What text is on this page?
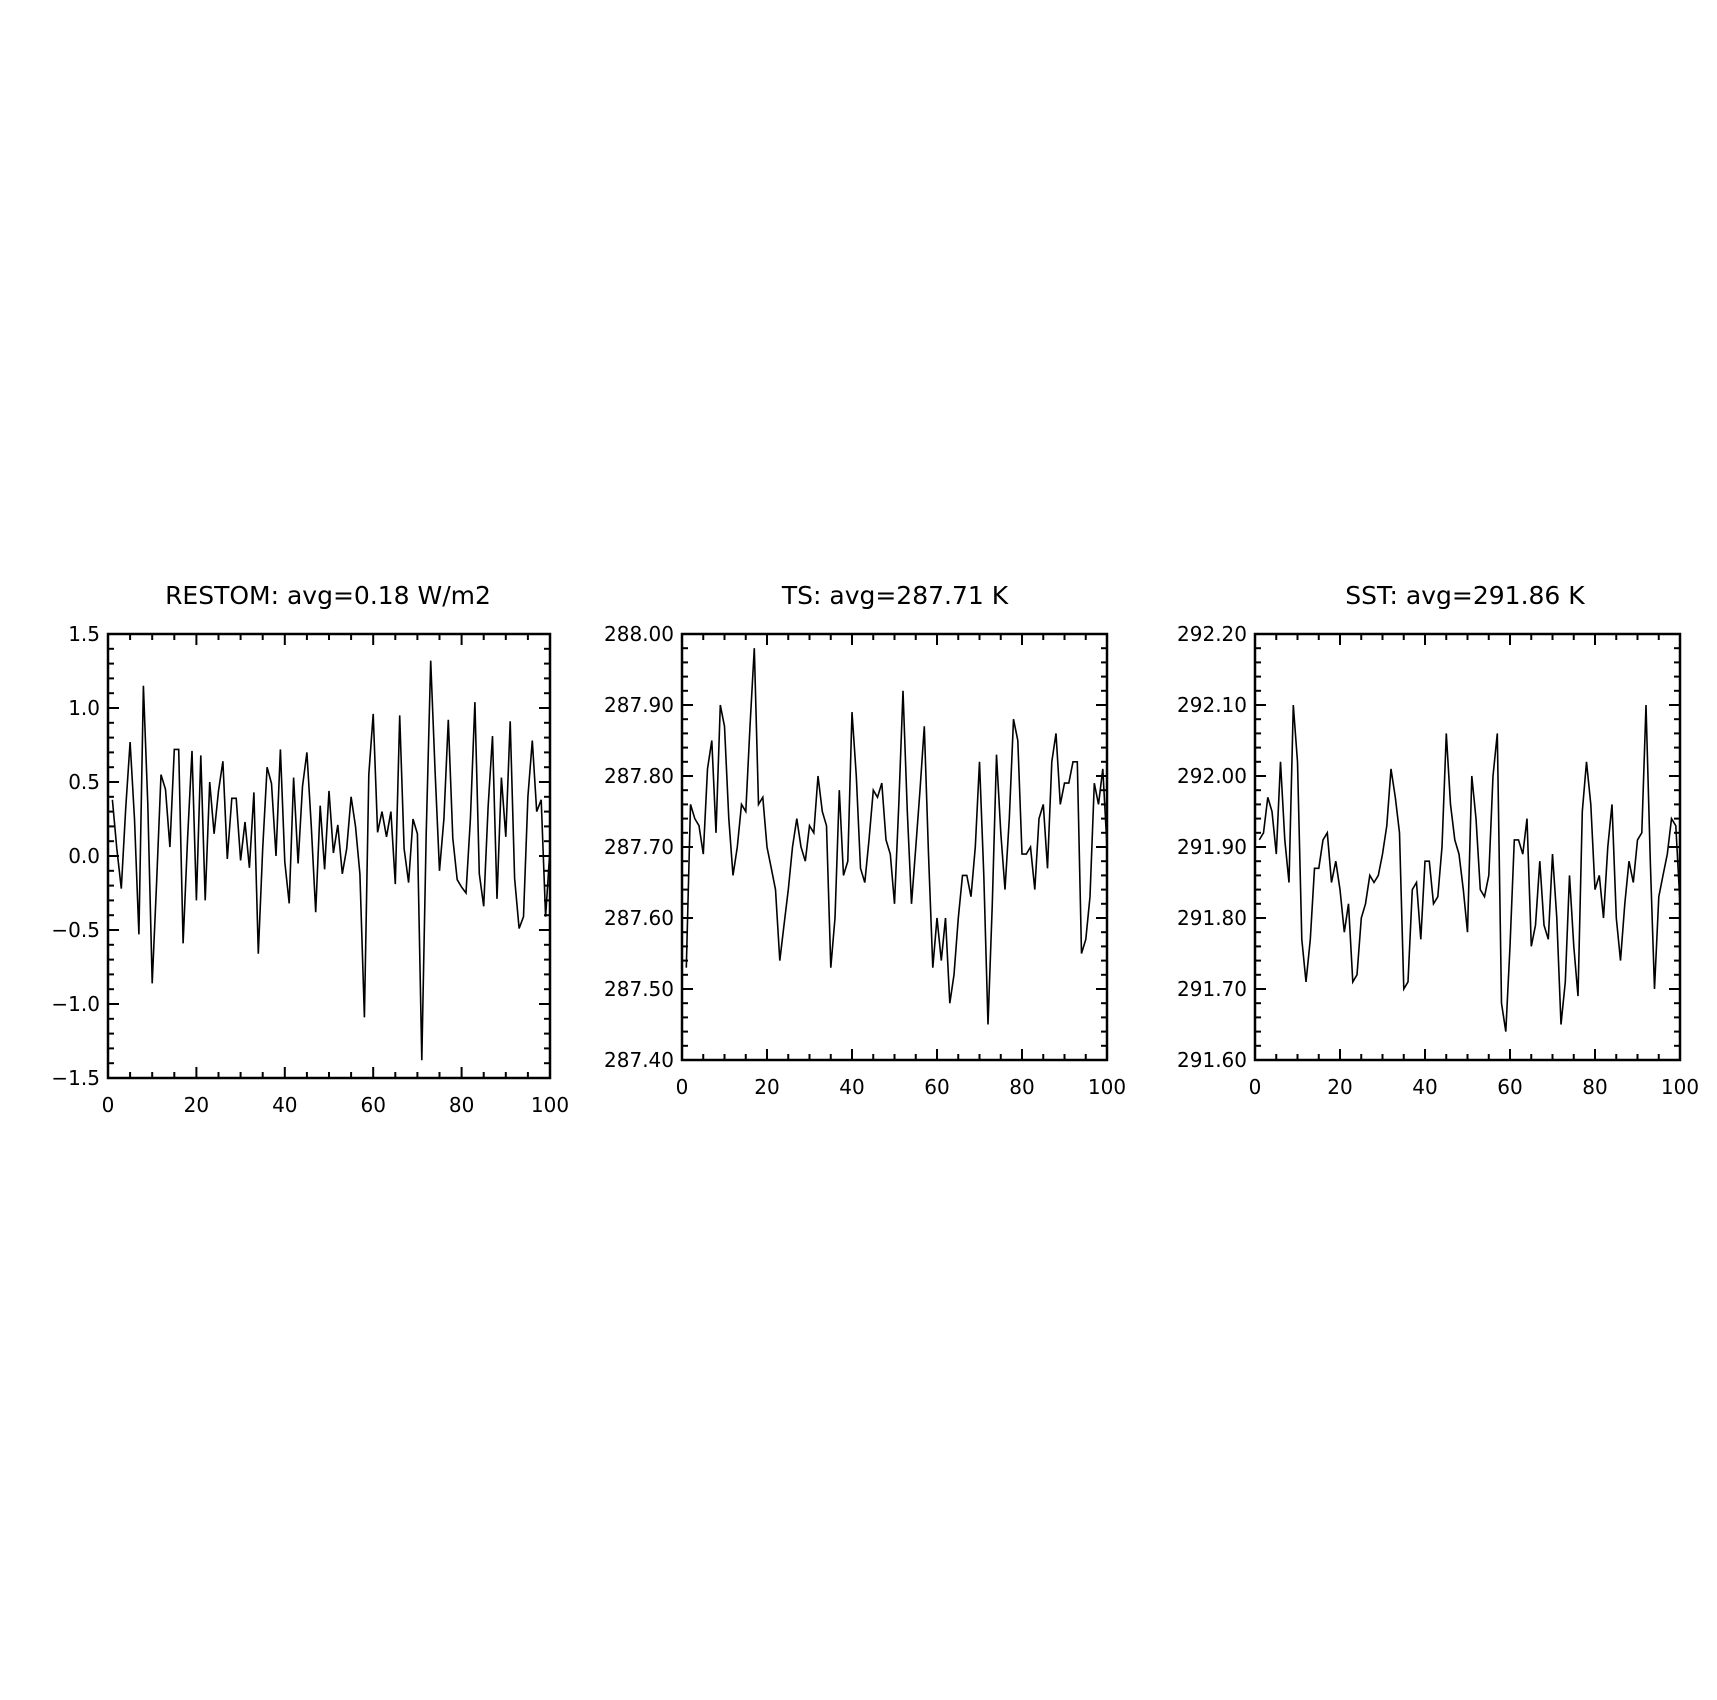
RESTOM: avg=0.18 W/m2
0	20	40	60	80	100
1.5
1.0
0.5
0.0
−0.5
−1.0
−1.5
TS: avg=287.71 K
0	20	40	60	80	100
288.00
287.90
287.80
287.70
287.60
287.50
287.40
SST: avg=291.86 K
0	20	40	60	80	100
292.20
292.10
292.00
291.90
291.80
291.70
291.60
